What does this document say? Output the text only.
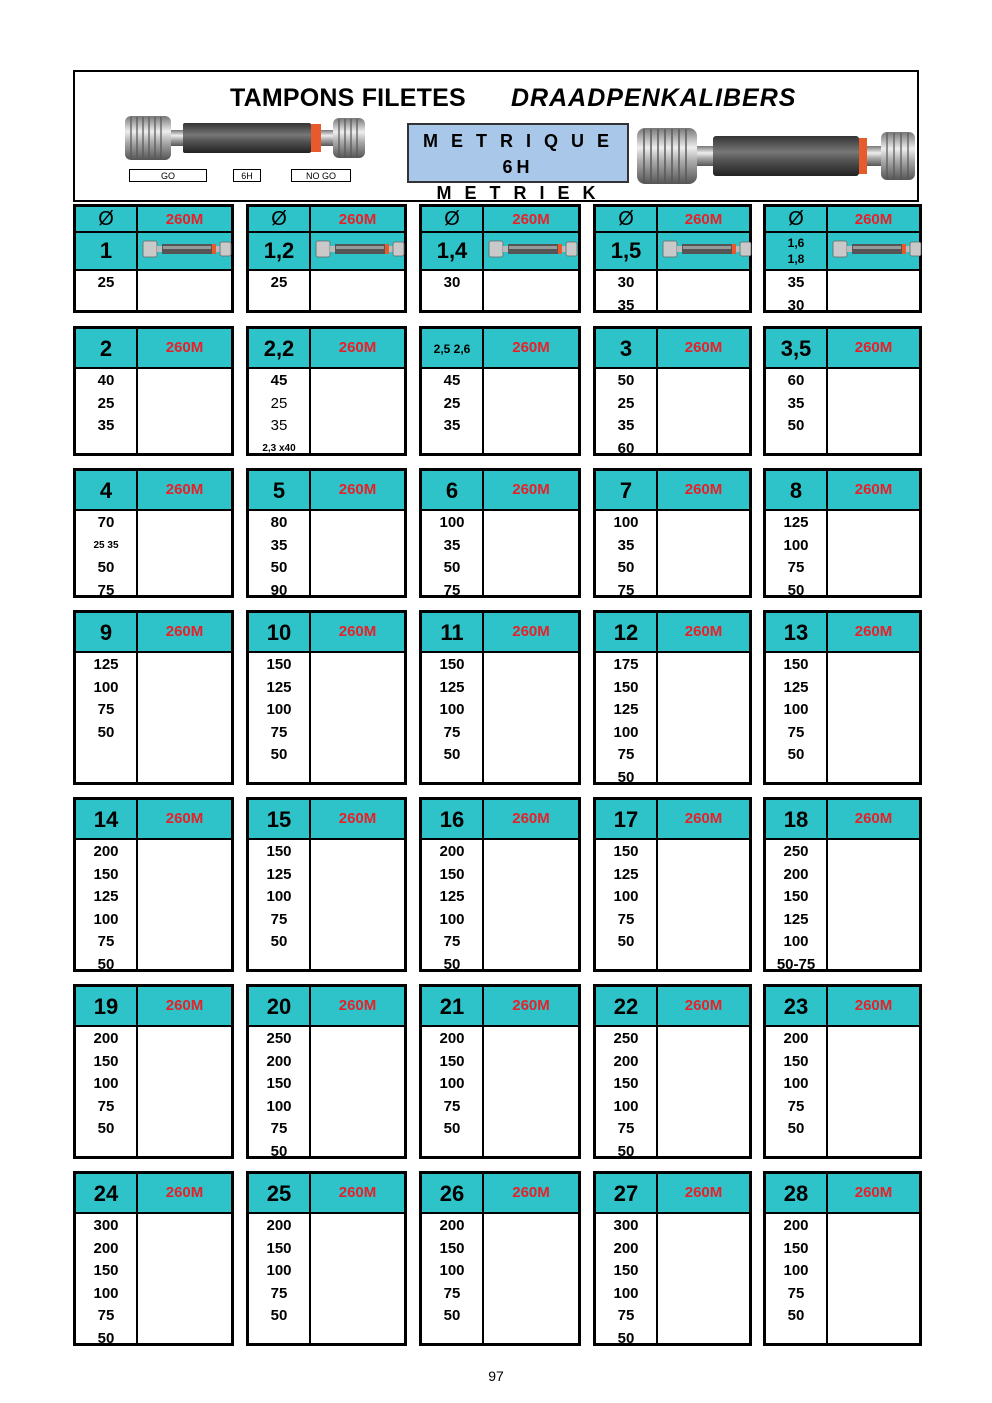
TAMPONS FILETES DRAADPENKALIBERS
GO	6H	NO GO
M E T R I Q U E 6H
M E T R I E K
Ø	260M
1
25
Ø	260M
1,2
25
Ø	260M
1,4
30
Ø	260M
1,5
30
35
Ø	260M
1,6
1,8
35
30
2	260M
40
25
35
2,2	260M
45
25
35
2,3 x40
2,5 2,6	260M
45
25
35
3	260M
50
25
35
60
3,5	260M
60
35
50
4	260M
70
25 35
50
75
5	260M
80
35
50
90
6	260M
100
35
50
75
7	260M
100
35
50
75
8	260M
125
100
75
50
9	260M
125
100
75
50
10	260M
150
125
100
75
50
11	260M
150
125
100
75
50
12	260M
175
150
125
100
75
50
13	260M
150
125
100
75
50
14	260M
200
150
125
100
75
50
15	260M
150
125
100
75
50
16	260M
200
150
125
100
75
50
17	260M
150
125
100
75
50
18	260M
250
200
150
125
100
50-75
19	260M
200
150
100
75
50
20	260M
250
200
150
100
75
50
21	260M
200
150
100
75
50
22	260M
250
200
150
100
75
50
23	260M
200
150
100
75
50
24	260M
300
200
150
100
75
50
25	260M
200
150
100
75
50
26	260M
200
150
100
75
50
27	260M
300
200
150
100
75
50
28	260M
200
150
100
75
50
97
